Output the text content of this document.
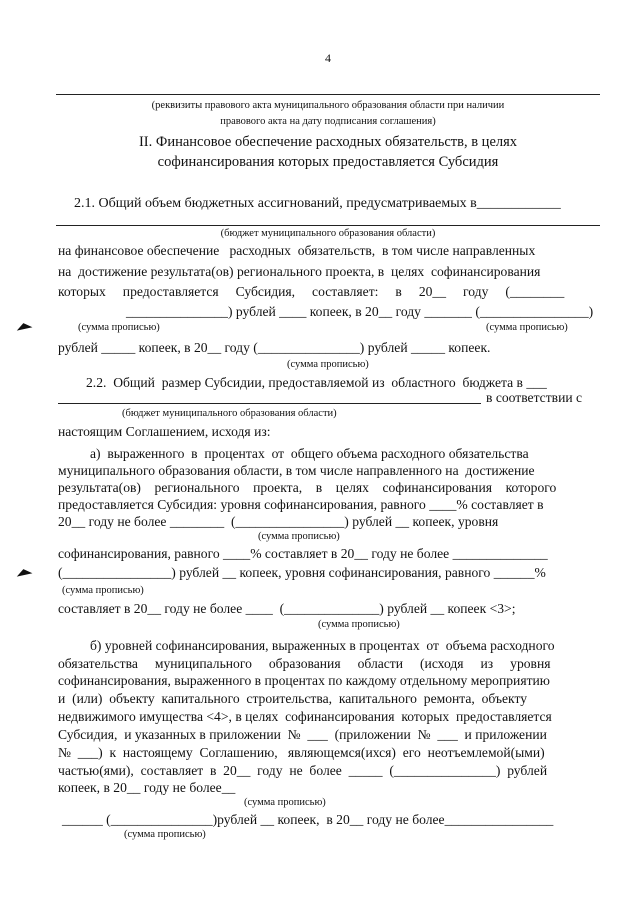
4
(реквизиты правового акта муниципального образования области при наличии
правового акта на дату подписания соглашения)
II. Финансовое обеспечение расходных обязательств, в целях
софинансирования которых предоставляется Субсидия
2.1. Общий объем бюджетных ассигнований, предусматриваемых в____________
(бюджет муниципального образования области)
на финансовое обеспечение   расходных  обязательств,  в том числе направленных
на  достижение результата(ов) регионального проекта, в  целях  софинансирования
которых     предоставляется     Субсидия,     составляет:     в     20__     году     (________
_______________) рублей ____ копеек, в 20__ году _______ (________________)
(сумма прописью)	(сумма прописью)
рублей _____ копеек, в 20__ году (_______________) рублей _____ копеек.
(сумма прописью)
2.2.  Общий  размер Субсидии, предоставляемой из  областного  бюджета в ___
в соответствии с
(бюджет муниципального образования области)
настоящим Соглашением, исходя из:
а)  выраженного  в  процентах  от  общего объема расходного обязательства
муниципального образования области, в том числе направленного на  достижение
результата(ов)    регионального    проекта,    в    целях    софинансирования    которого
предоставляется Субсидия: уровня софинансирования, равного ____% составляет в
20__ году не более ________  (________________) рублей __ копеек, уровня
(сумма прописью)
софинансирования, равного ____% составляет в 20__ году не более ______________
(________________) рублей __ копеек, уровня софинансирования, равного ______%
(сумма прописью)
составляет в 20__ году не более ____  (______________) рублей __ копеек <3>;
(сумма прописью)
б) уровней софинансирования, выраженных в процентах  от  объема расходного
обязательства     муниципального     образования     области     (исходя     из     уровня
софинансирования, выраженного в процентах по каждому отдельному мероприятию
и  (или)  объекту  капитального  строительства,  капитального  ремонта,  объекту
недвижимого имущества <4>, в целях  софинансирования  которых  предоставляется
Субсидия,  и указанных в приложении  №  ___  (приложении  №  ___  и приложении
№  ___)  к  настоящему  Соглашению,   являющемся(ихся)  его  неотъемлемой(ыми)
частью(ями),  составляет  в  20__  году  не  более  _____  (_______________)  рублей
копеек, в 20__ году не более__
(сумма прописью)
______ (_______________)рублей __ копеек,  в 20__ году не более________________
(сумма прописью)
